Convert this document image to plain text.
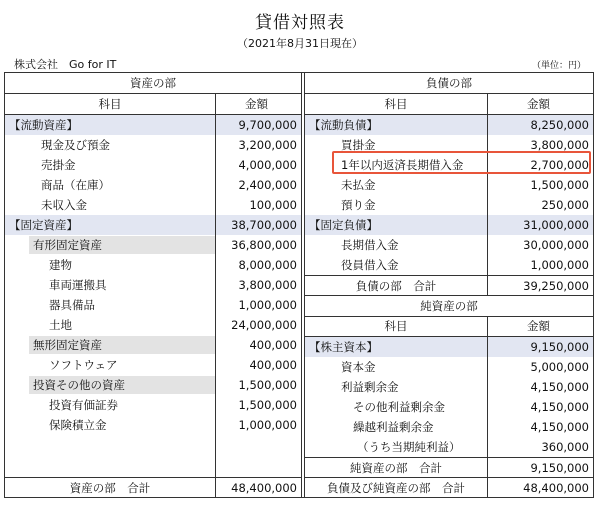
貸借対照表
（2021年8月31日現在）
株式会社　Go for IT	（単位：円）
資産の部
科目	金額
【流動資産】	9,700,000
現金及び預金	3,200,000
売掛金	4,000,000
商品（在庫）	2,400,000
未収入金	100,000
【固定資産】	38,700,000
有形固定資産	36,800,000
建物	8,000,000
車両運搬具	3,800,000
器具備品	1,000,000
土地	24,000,000
無形固定資産	400,000
ソフトウェア	400,000
投資その他の資産	1,500,000
投資有価証券	1,500,000
保険積立金	1,000,000
資産の部　合計	48,400,000
負債の部
科目	金額
【流動負債】	8,250,000
買掛金	3,800,000
1年以内返済長期借入金	2,700,000
未払金	1,500,000
預り金	250,000
【固定負債】	31,000,000
長期借入金	30,000,000
役員借入金	1,000,000
負債の部　合計	39,250,000
純資産の部
科目	金額
【株主資本】	9,150,000
資本金	5,000,000
利益剰余金	4,150,000
その他利益剰余金	4,150,000
繰越利益剰余金	4,150,000
（うち当期純利益）	360,000
純資産の部　合計	9,150,000
負債及び純資産の部　合計	48,400,000
